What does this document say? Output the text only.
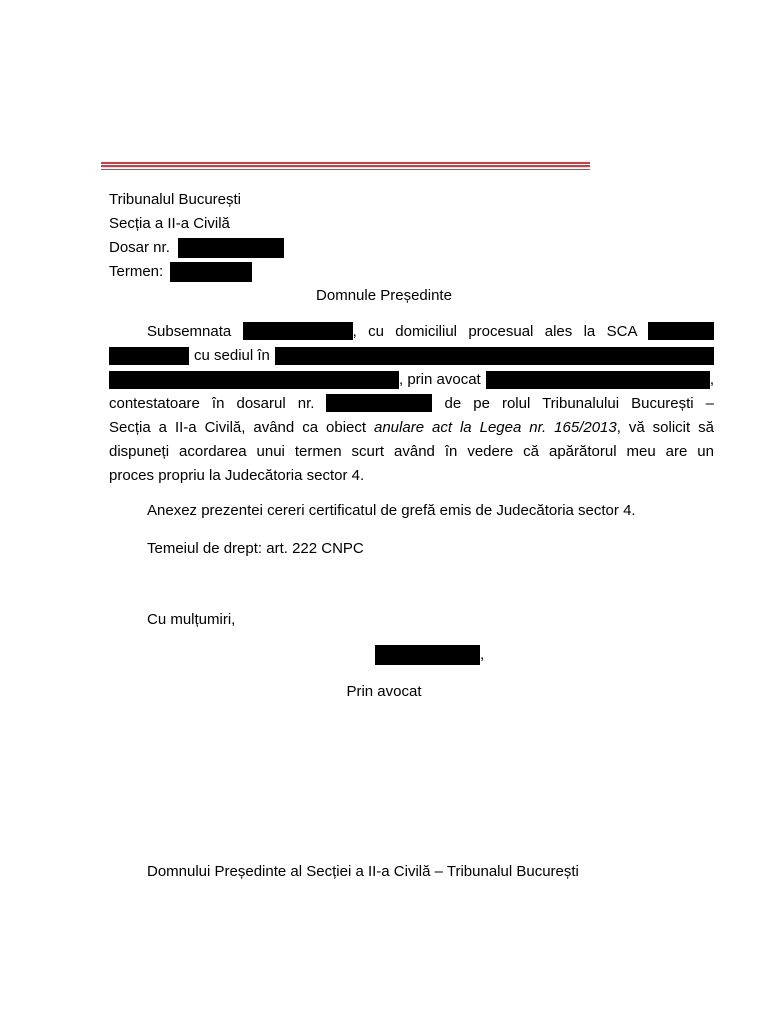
Tribunalul București
Secția a II-a Civilă
Dosar nr.
Termen:
Domnule Președinte
Subsemnata	, cu domiciliul procesual ales la SCA
cu sediul în
, prin avocat	,
contestatoare în dosarul nr.	de pe rolul Tribunalului București –
Secția a II-a Civilă, având ca obiect anulare act la Legea nr. 165/2013, vă solicit să
dispuneți acordarea unui termen scurt având în vedere că apărătorul meu are un
proces propriu la Judecătoria sector 4.
Anexez prezentei cereri certificatul de grefă emis de Judecătoria sector 4.
Temeiul de drept: art. 222 CNPC
Cu mulțumiri,
,
Prin avocat
Domnului Președinte al Secției a II-a Civilă – Tribunalul București
